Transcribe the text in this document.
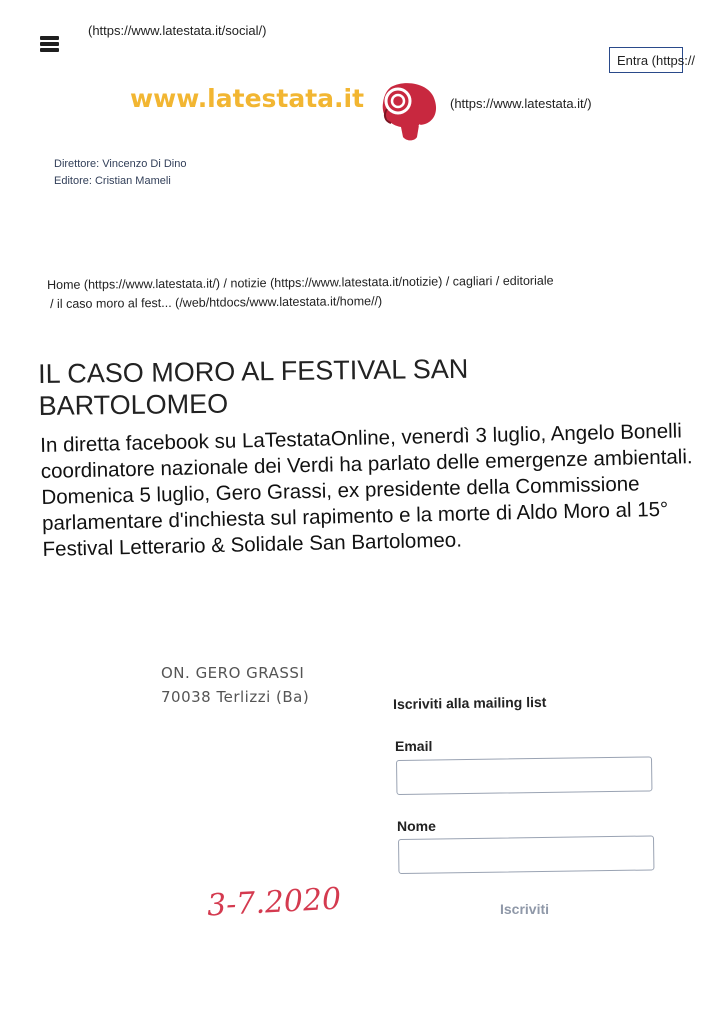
(https://www.latestata.it/social/)
Entra (https://
www.latestata.it	(https://www.latestata.it/)
Direttore: Vincenzo Di Dino
Editore: Cristian Mameli
Home (https://www.latestata.it/) / notizie (https://www.latestata.it/notizie) / cagliari / editoriale
/ il caso moro al fest... (/web/htdocs/www.latestata.it/home//)
IL CASO MORO AL FESTIVAL SAN BARTOLOMEO
In diretta facebook su LaTestataOnline, venerdì 3 luglio, Angelo Bonelli coordinatore nazionale dei Verdi ha parlato delle emergenze ambientali. Domenica 5 luglio, Gero Grassi, ex presidente della Commissione parlamentare d'inchiesta sul rapimento e la morte di Aldo Moro al 15° Festival Letterario & Solidale San Bartolomeo.
ON. GERO GRASSI
70038 Terlizzi (Ba)	Iscriviti alla mailing list
Email
Nome
Iscriviti
3-7.2020
